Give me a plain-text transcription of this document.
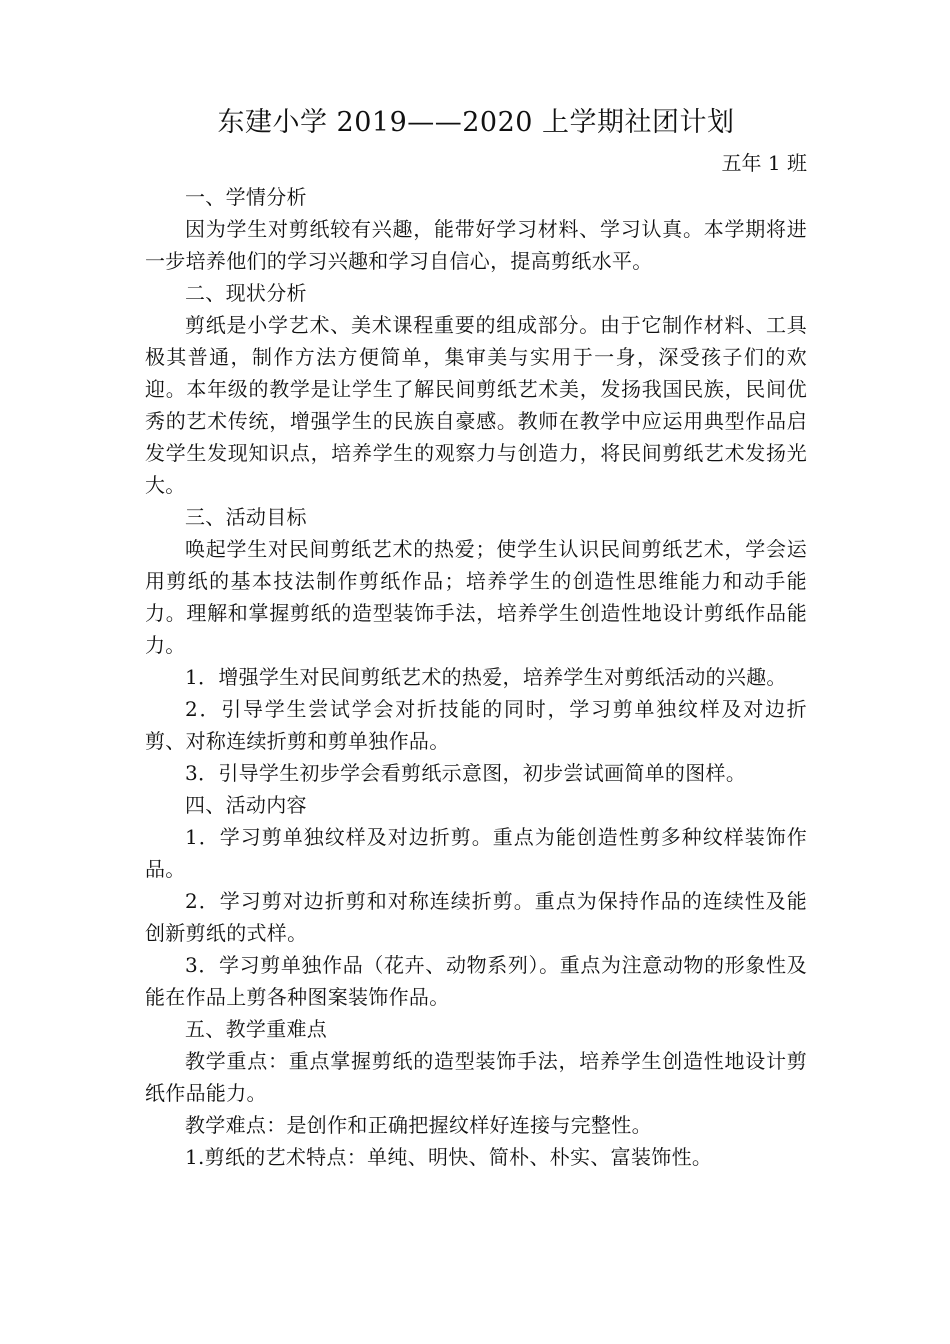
东建小学 2019——2020 上学期社团计划

五年 1 班

一、学情分析

因为学生对剪纸较有兴趣，能带好学习材料、学习认真。本学期将进一步培养他们的学习兴趣和学习自信心，提高剪纸水平。

二、现状分析

剪纸是小学艺术、美术课程重要的组成部分。由于它制作材料、工具极其普通，制作方法方便简单，集审美与实用于一身，深受孩子们的欢迎。本年级的教学是让学生了解民间剪纸艺术美，发扬我国民族，民间优秀的艺术传统，增强学生的民族自豪感。教师在教学中应运用典型作品启发学生发现知识点，培养学生的观察力与创造力，将民间剪纸艺术发扬光大。

三、活动目标

唤起学生对民间剪纸艺术的热爱；使学生认识民间剪纸艺术，学会运用剪纸的基本技法制作剪纸作品；培养学生的创造性思维能力和动手能力。理解和掌握剪纸的造型装饰手法，培养学生创造性地设计剪纸作品能力。

1．增强学生对民间剪纸艺术的热爱，培养学生对剪纸活动的兴趣。

2．引导学生尝试学会对折技能的同时，学习剪单独纹样及对边折剪、对称连续折剪和剪单独作品。

3．引导学生初步学会看剪纸示意图，初步尝试画简单的图样。

四、活动内容

1．学习剪单独纹样及对边折剪。重点为能创造性剪多种纹样装饰作品。

2．学习剪对边折剪和对称连续折剪。重点为保持作品的连续性及能创新剪纸的式样。

3．学习剪单独作品（花卉、动物系列）。重点为注意动物的形象性及能在作品上剪各种图案装饰作品。

五、教学重难点

教学重点：重点掌握剪纸的造型装饰手法，培养学生创造性地设计剪纸作品能力。

教学难点：是创作和正确把握纹样好连接与完整性。

1.剪纸的艺术特点：单纯、明快、简朴、朴实、富装饰性。
